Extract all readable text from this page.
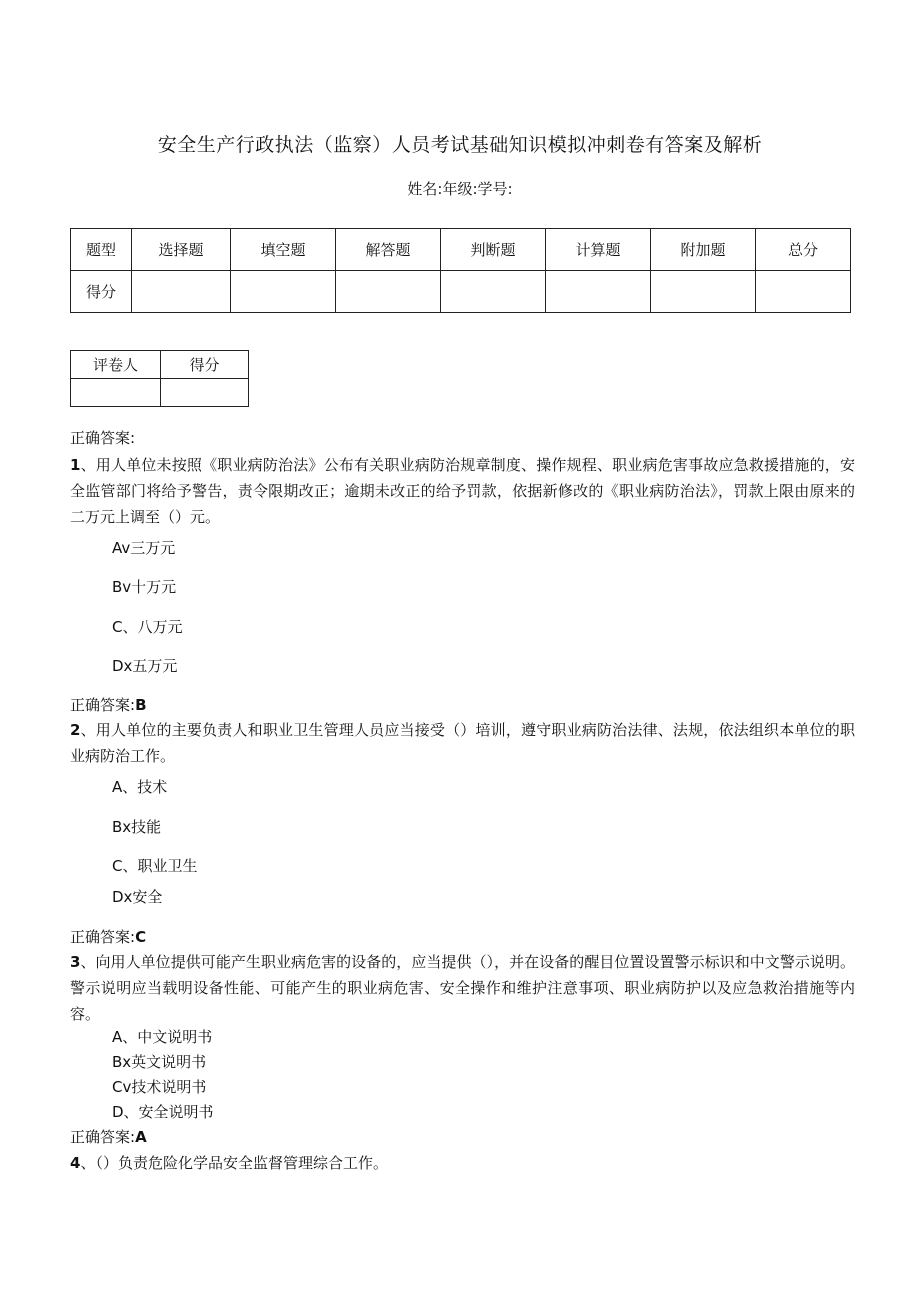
安全生产行政执法（监察）人员考试基础知识模拟冲刺卷有答案及解析
姓名:年级:学号:
题型	选择题	填空题	解答题	判断题	计算题	附加题	总分
得分							
评卷人	得分

正确答案:
1、用人单位未按照《职业病防治法》公布有关职业病防治规章制度、操作规程、职业病危害事故应急救援措施的，安全监管部门将给予警告，责令限期改正；逾期未改正的给予罚款，依据新修改的《职业病防治法》，罚款上限由原来的二万元上调至（）元。
Av三万元
Bv十万元
C、八万元
Dx五万元
正确答案:B
2、用人单位的主要负责人和职业卫生管理人员应当接受（）培训，遵守职业病防治法律、法规，依法组织本单位的职业病防治工作。
A、技术
Bx技能
C、职业卫生
Dx安全
正确答案:C
3、向用人单位提供可能产生职业病危害的设备的，应当提供（），并在设备的醒目位置设置警示标识和中文警示说明。警示说明应当载明设备性能、可能产生的职业病危害、安全操作和维护注意事项、职业病防护以及应急救治措施等内容。
A、中文说明书
Bx英文说明书
Cv技术说明书
D、安全说明书
正确答案:A
4、（）负责危险化学品安全监督管理综合工作。
